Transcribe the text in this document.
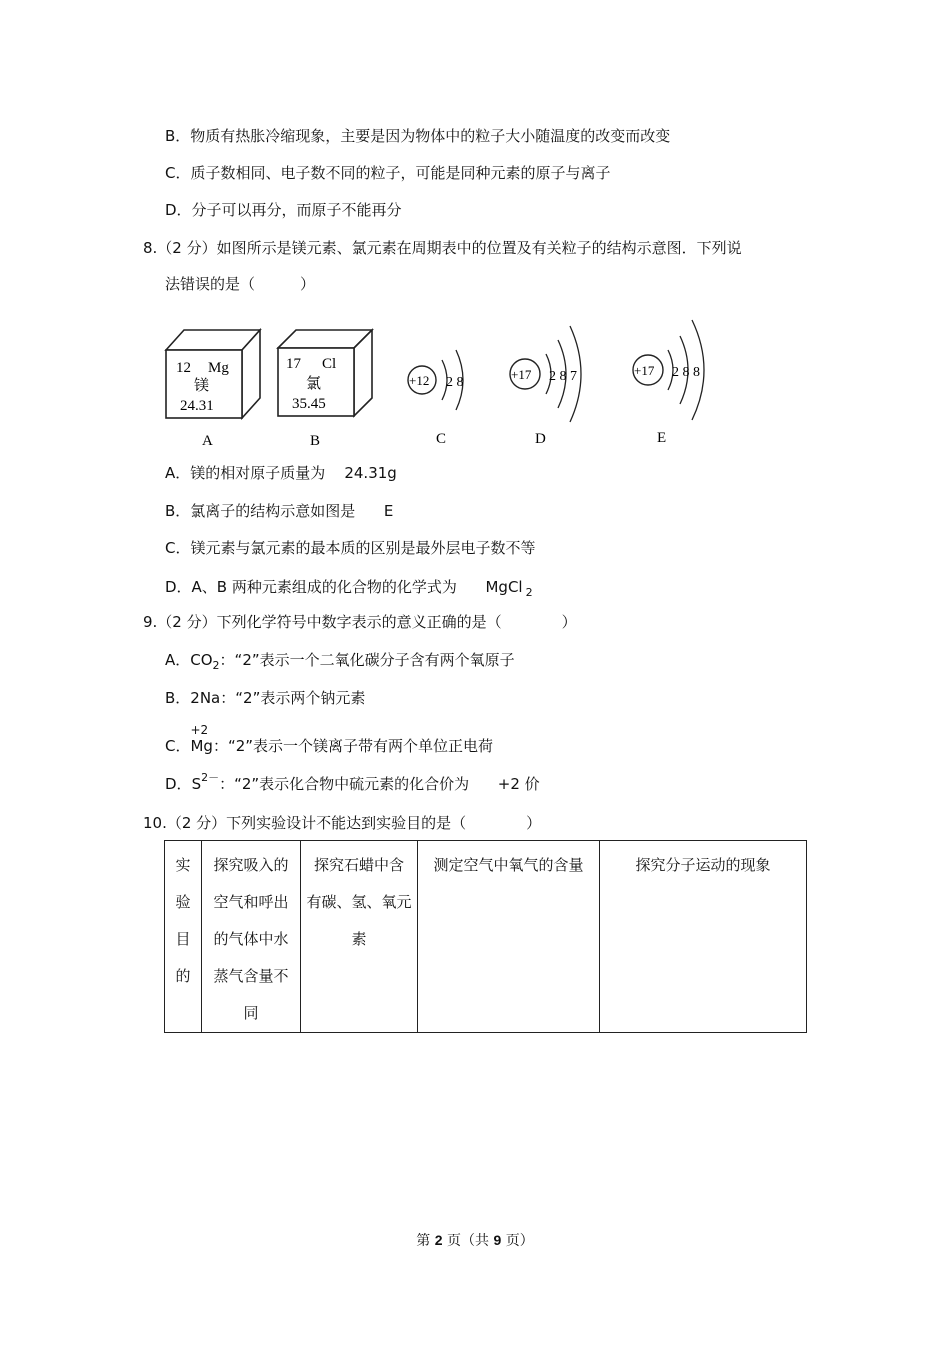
B．物质有热胀冷缩现象，主要是因为物体中的粒子大小随温度的改变而改变
C．质子数相同、电子数不同的粒子，可能是同种元素的原子与离子
D．分子可以再分，而原子不能再分
8.（2 分）如图所示是镁元素、氯元素在周期表中的位置及有关粒子的结构示意图．下列说
法错误的是（　　　）
12 Mg
镁
24.31
A
17 Cl
氯
35.45
B
+12 2 8
C
+17 2 8 7
D
+17 2 8 8
E
A．镁的相对原子质量为 24.31g
B．氯离子的结构示意如图是 E
C．镁元素与氯元素的最本质的区别是最外层电子数不等
D．A、B 两种元素组成的化合物的化学式为 MgCl $_2$
9.（2 分）下列化学符号中数字表示的意义正确的是（　　　　）
A．$CO_2$：“2”表示一个二氧化碳分子含有两个氧原子
B．2Na：“2”表示两个钠元素
C．
+2
Mg：“2”表示一个镁离子带有两个单位正电荷
D．$S^{2-}$：“2”表示化合物中硫元素的化合价为 +2 价
10.（2 分）下列实验设计不能达到实验目的是（　　　　）
实
验
目
的

探究吸入的
空气和呼出
的气体中水
蒸气含量不
同

探究石蜡中含
有碳、氢、氧元
素

测定空气中氧气的含量	探究分子运动的现象
第 2 页（共 9 页）
